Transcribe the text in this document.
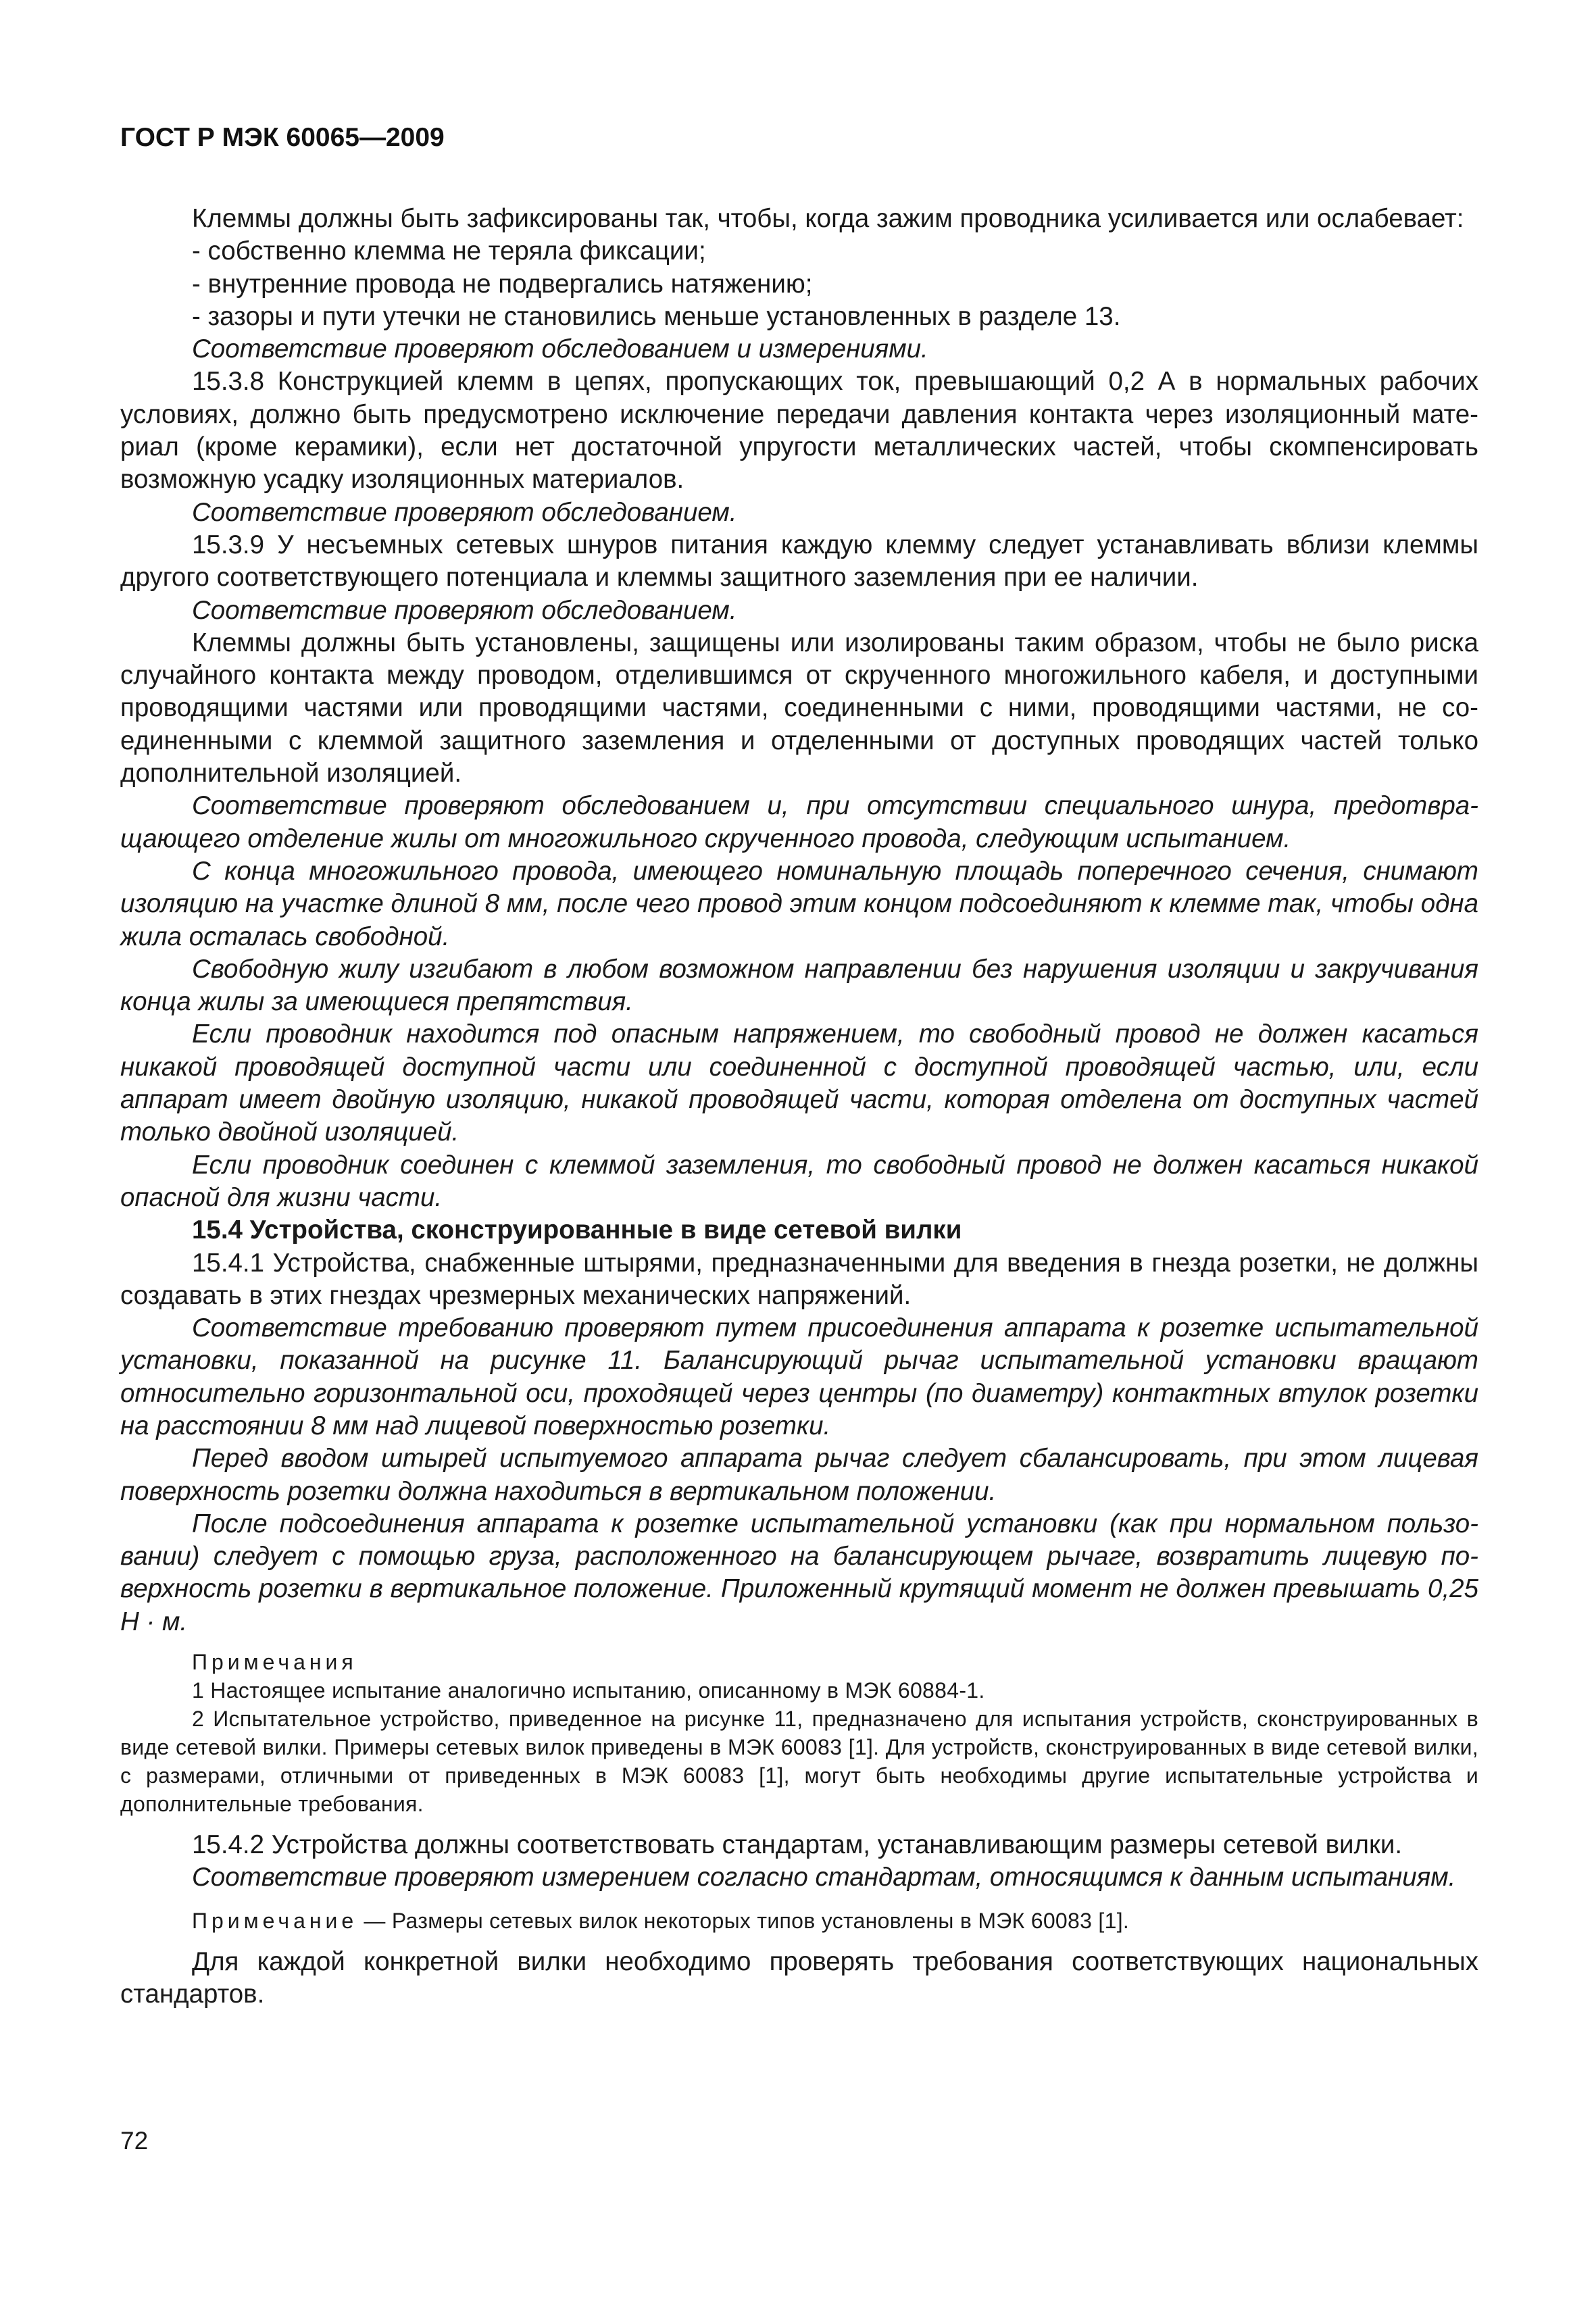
ГОСТ Р МЭК 60065—2009

Клеммы должны быть зафиксированы так, чтобы, когда зажим проводника усиливается или ослабевает:

- собственно клемма не теряла фиксации;

- внутренние провода не подвергались натяжению;

- зазоры и пути утечки не становились меньше установленных в разделе 13.

Соответствие проверяют обследованием и измерениями.

15.3.8 Конструкцией клемм в цепях, пропускающих ток, превышающий 0,2 А в нормальных рабочих условиях, должно быть предусмотрено исключение передачи давления контакта через изоляционный материал (кроме керамики), если нет достаточной упругости металлических частей, чтобы скомпенсировать возможную усадку изоляционных материалов.

Соответствие проверяют обследованием.

15.3.9 У несъемных сетевых шнуров питания каждую клемму следует устанавливать вблизи клеммы другого соответствующего потенциала и клеммы защитного заземления при ее наличии.

Соответствие проверяют обследованием.

Клеммы должны быть установлены, защищены или изолированы таким образом, чтобы не было риска случайного контакта между проводом, отделившимся от скрученного многожильного кабеля, и доступными проводящими частями или проводящими частями, соединенными с ними, проводящими частями, не соединенными с клеммой защитного заземления и отделенными от доступных проводящих частей только дополнительной изоляцией.

Соответствие проверяют обследованием и, при отсутствии специального шнура, предотвращающего отделение жилы от многожильного скрученного провода, следующим испытанием.

С конца многожильного провода, имеющего номинальную площадь поперечного сечения, снимают изоляцию на участке длиной 8 мм, после чего провод этим концом подсоединяют к клемме так, чтобы одна жила осталась свободной.

Свободную жилу изгибают в любом возможном направлении без нарушения изоляции и закручивания конца жилы за имеющиеся препятствия.

Если проводник находится под опасным напряжением, то свободный провод не должен касаться никакой проводящей доступной части или соединенной с доступной проводящей частью, или, если аппарат имеет двойную изоляцию, никакой проводящей части, которая отделена от доступных частей только двойной изоляцией.

Если проводник соединен с клеммой заземления, то свободный провод не должен касаться никакой опасной для жизни части.

15.4 Устройства, сконструированные в виде сетевой вилки

15.4.1 Устройства, снабженные штырями, предназначенными для введения в гнезда розетки, не должны создавать в этих гнездах чрезмерных механических напряжений.

Соответствие требованию проверяют путем присоединения аппарата к розетке испытательной установки, показанной на рисунке 11. Балансирующий рычаг испытательной установки вращают относительно горизонтальной оси, проходящей через центры (по диаметру) контактных втулок розетки на расстоянии 8 мм над лицевой поверхностью розетки.

Перед вводом штырей испытуемого аппарата рычаг следует сбалансировать, при этом лицевая поверхность розетки должна находиться в вертикальном положении.

После подсоединения аппарата к розетке испытательной установки (как при нормальном пользовании) следует с помощью груза, расположенного на балансирующем рычаге, возвратить лицевую поверхность розетки в вертикальное положение. Приложенный крутящий момент не должен превышать 0,25 Н · м.

Примечания

1 Настоящее испытание аналогично испытанию, описанному в МЭК 60884-1.

2 Испытательное устройство, приведенное на рисунке 11, предназначено для испытания устройств, сконструированных в виде сетевой вилки. Примеры сетевых вилок приведены в МЭК 60083 [1]. Для устройств, сконструированных в виде сетевой вилки, с размерами, отличными от приведенных в МЭК 60083 [1], могут быть необходимы другие испытательные устройства и дополнительные требования.

15.4.2 Устройства должны соответствовать стандартам, устанавливающим размеры сетевой вилки.

Соответствие проверяют измерением согласно стандартам, относящимся к данным испытаниям.

Примечание — Размеры сетевых вилок некоторых типов установлены в МЭК 60083 [1].

Для каждой конкретной вилки необходимо проверять требования соответствующих национальных стандартов.

72
